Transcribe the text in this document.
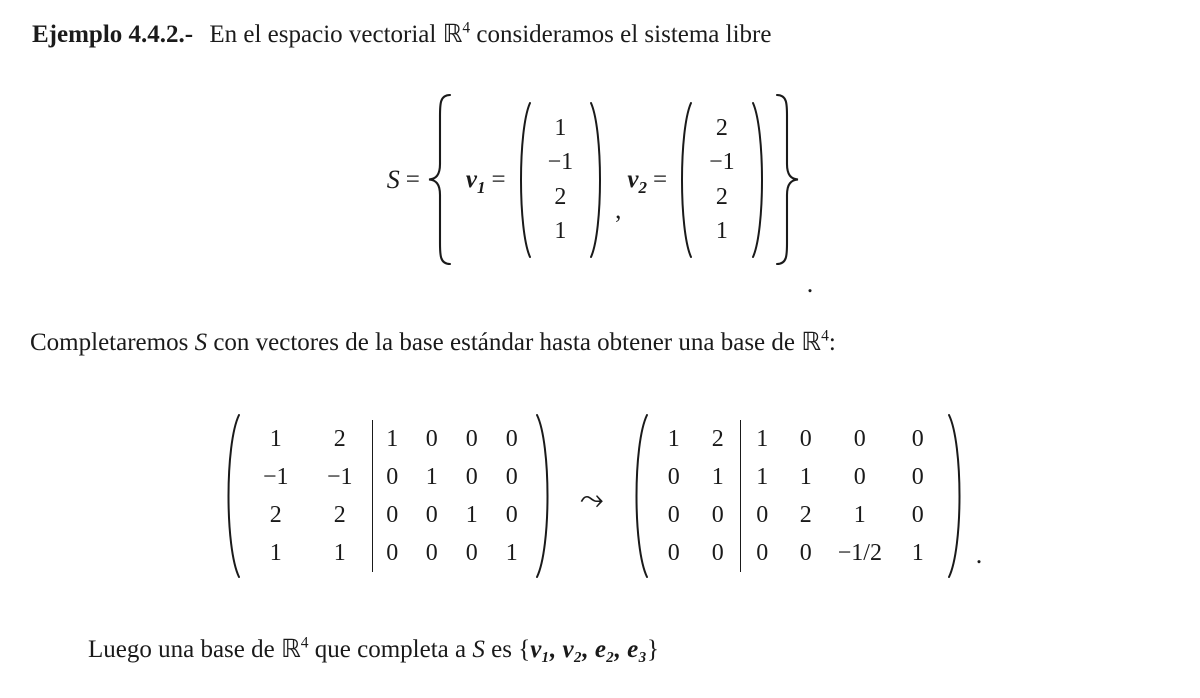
Ejemplo 4.4.2.- En el espacio vectorial ℝ$^4$ consideramos el sistema libre
$S = v_1$ =
1
−1
2
1
,
$v_2$ =
2
−1
2
1
.
Completaremos S con vectores de la base estándar hasta obtener una base de ℝ$^4$:
1	2	1	0	0	0
−1	−1	0	1	0	0
2	2	0	0	1	0
1	1	0	0	0	1
⤳
1	2	1	0	0	0
0	1	1	1	0	0
0	0	0	2	1	0
0	0	0	0	−1/2	1	.
Luego una base de ℝ$^4$ que completa a S es {v₁, v₂, e₂, e₃}
